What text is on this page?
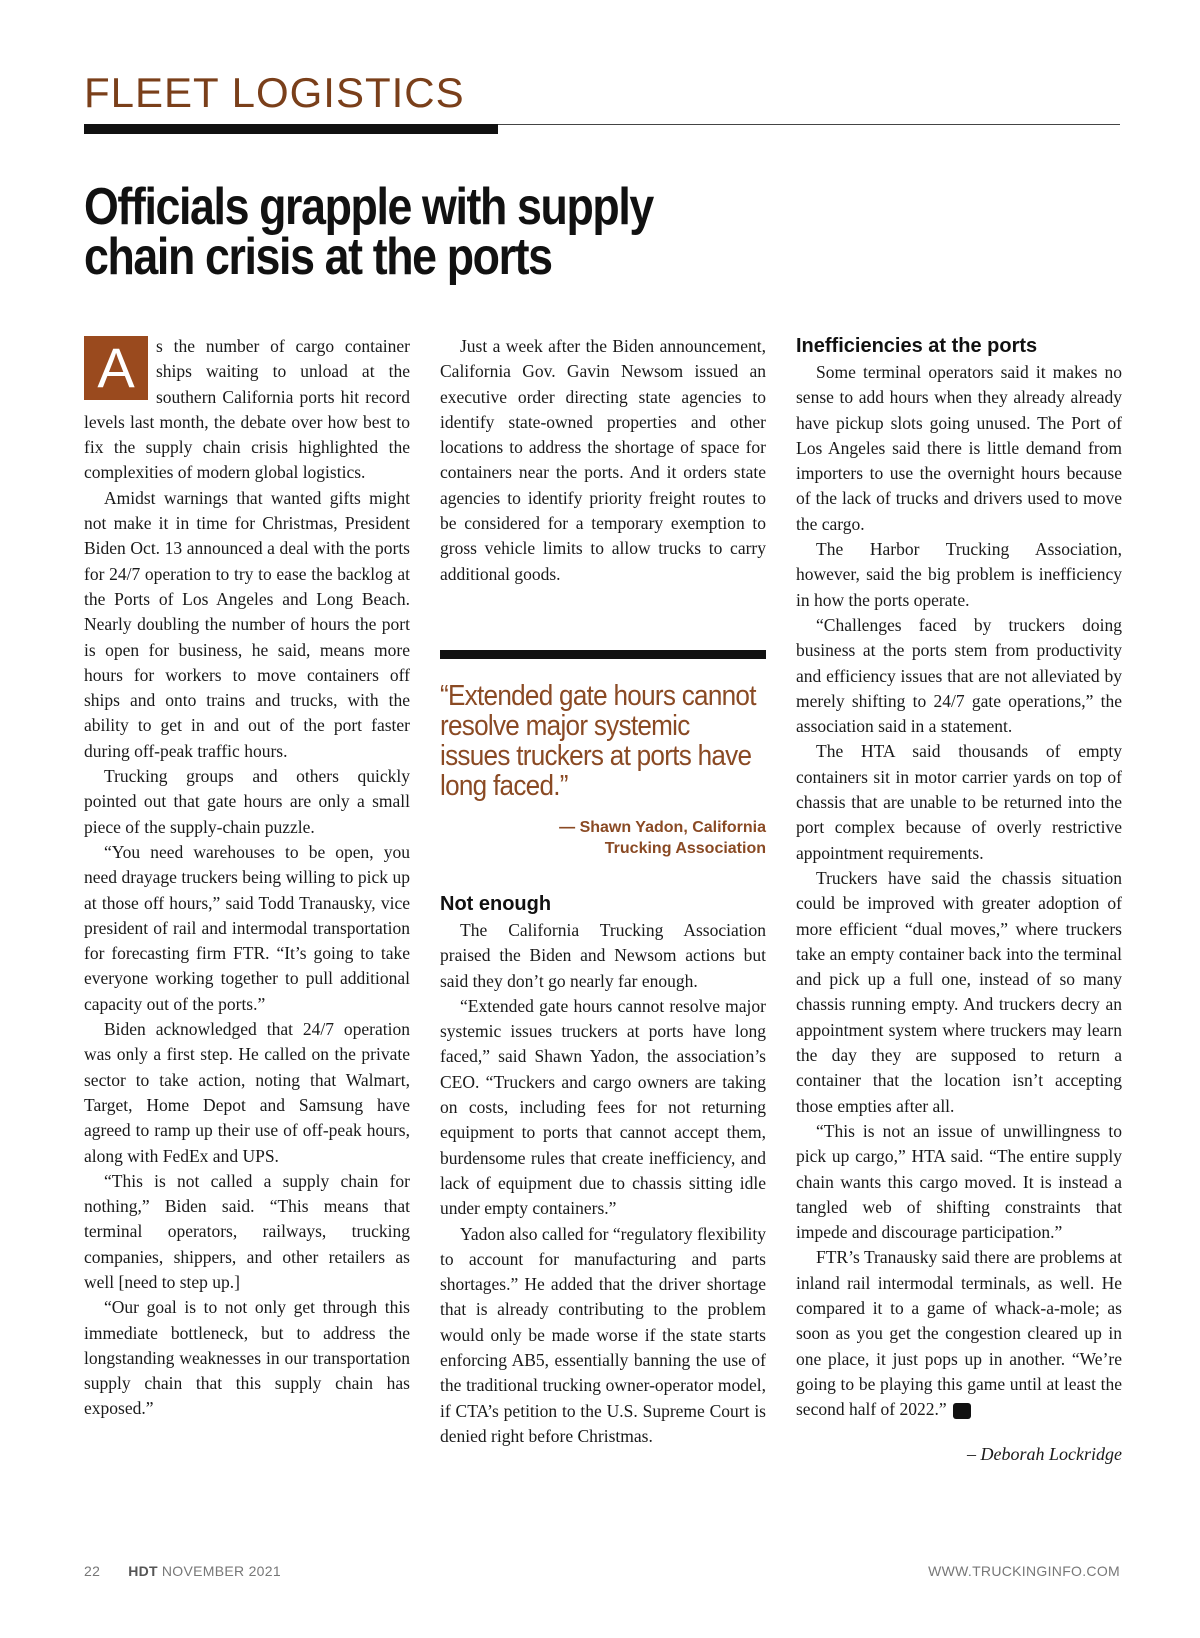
FLEET LOGISTICS
Officials grapple with supply chain crisis at the ports
A	s the number of cargo container ships waiting to unload at the southern California ports hit record levels last month, the debate over how best to fix the supply chain crisis highlighted the complexities of modern global logistics.

Amidst warnings that wanted gifts might not make it in time for Christmas, President Biden Oct. 13 announced a deal with the ports for 24/7 operation to try to ease the backlog at the Ports of Los Angeles and Long Beach. Nearly doubling the number of hours the port is open for business, he said, means more hours for workers to move containers off ships and onto trains and trucks, with the ability to get in and out of the port faster during off-peak traffic hours.

Trucking groups and others quickly pointed out that gate hours are only a small piece of the supply-chain puzzle.

“You need warehouses to be open, you need drayage truckers being willing to pick up at those off hours,” said Todd Tranausky, vice president of rail and intermodal transportation for forecasting firm FTR. “It’s going to take everyone working together to pull additional capacity out of the ports.”

Biden acknowledged that 24/7 operation was only a first step. He called on the private sector to take action, noting that Walmart, Target, Home Depot and Samsung have agreed to ramp up their use of off-peak hours, along with FedEx and UPS.

“This is not called a supply chain for nothing,” Biden said. “This means that terminal operators, railways, trucking companies, shippers, and other retailers as well [need to step up.]

“Our goal is to not only get through this immediate bottleneck, but to address the longstanding weaknesses in our transportation supply chain that this supply chain has exposed.”

Just a week after the Biden announcement, California Gov. Gavin Newsom issued an executive order directing state agencies to identify state-owned properties and other locations to address the shortage of space for containers near the ports. And it orders state agencies to identify priority freight routes to be considered for a temporary exemption to gross vehicle limits to allow trucks to carry additional goods.

“Extended gate hours cannot resolve major systemic issues truckers at ports have long faced.”
— Shawn Yadon, California
Trucking Association
Not enough

The California Trucking Association praised the Biden and Newsom actions but said they don’t go nearly far enough.

“Extended gate hours cannot resolve major systemic issues truckers at ports have long faced,” said Shawn Yadon, the association’s CEO. “Truckers and cargo owners are taking on costs, including fees for not returning equipment to ports that cannot accept them, burdensome rules that create inefficiency, and lack of equipment due to chassis sitting idle under empty containers.”

Yadon also called for “regulatory flexibility to account for manufacturing and parts shortages.” He added that the driver shortage that is already contributing to the problem would only be made worse if the state starts enforcing AB5, essentially banning the use of the traditional trucking owner-operator model, if CTA’s petition to the U.S. Supreme Court is denied right before Christmas.

Inefficiencies at the ports

Some terminal operators said it makes no sense to add hours when they already already have pickup slots going unused. The Port of Los Angeles said there is little demand from importers to use the overnight hours because of the lack of trucks and drivers used to move the cargo.

The Harbor Trucking Association, however, said the big problem is inefficiency in how the ports operate.

“Challenges faced by truckers doing business at the ports stem from productivity and efficiency issues that are not alleviated by merely shifting to 24/7 gate operations,” the association said in a statement.

The HTA said thousands of empty containers sit in motor carrier yards on top of chassis that are unable to be returned into the port complex because of overly restrictive appointment requirements.

Truckers have said the chassis situation could be improved with greater adoption of more efficient “dual moves,” where truckers take an empty container back into the terminal and pick up a full one, instead of so many chassis running empty. And truckers decry an appointment system where truckers may learn the day they are supposed to return a container that the location isn’t accepting those empties after all.

“This is not an issue of unwillingness to pick up cargo,” HTA said. “The entire supply chain wants this cargo moved. It is instead a tangled web of shifting constraints that impede and discourage participation.”

FTR’s Tranausky said there are problems at inland rail intermodal terminals, as well. He compared it to a game of whack-a-mole; as soon as you get the congestion cleared up in one place, it just pops up in another. “We’re going to be playing this game until at least the second half of 2022.” HDT

– Deborah Lockridge
22 HDT NOVEMBER 2021	WWW.TRUCKINGINFO.COM
